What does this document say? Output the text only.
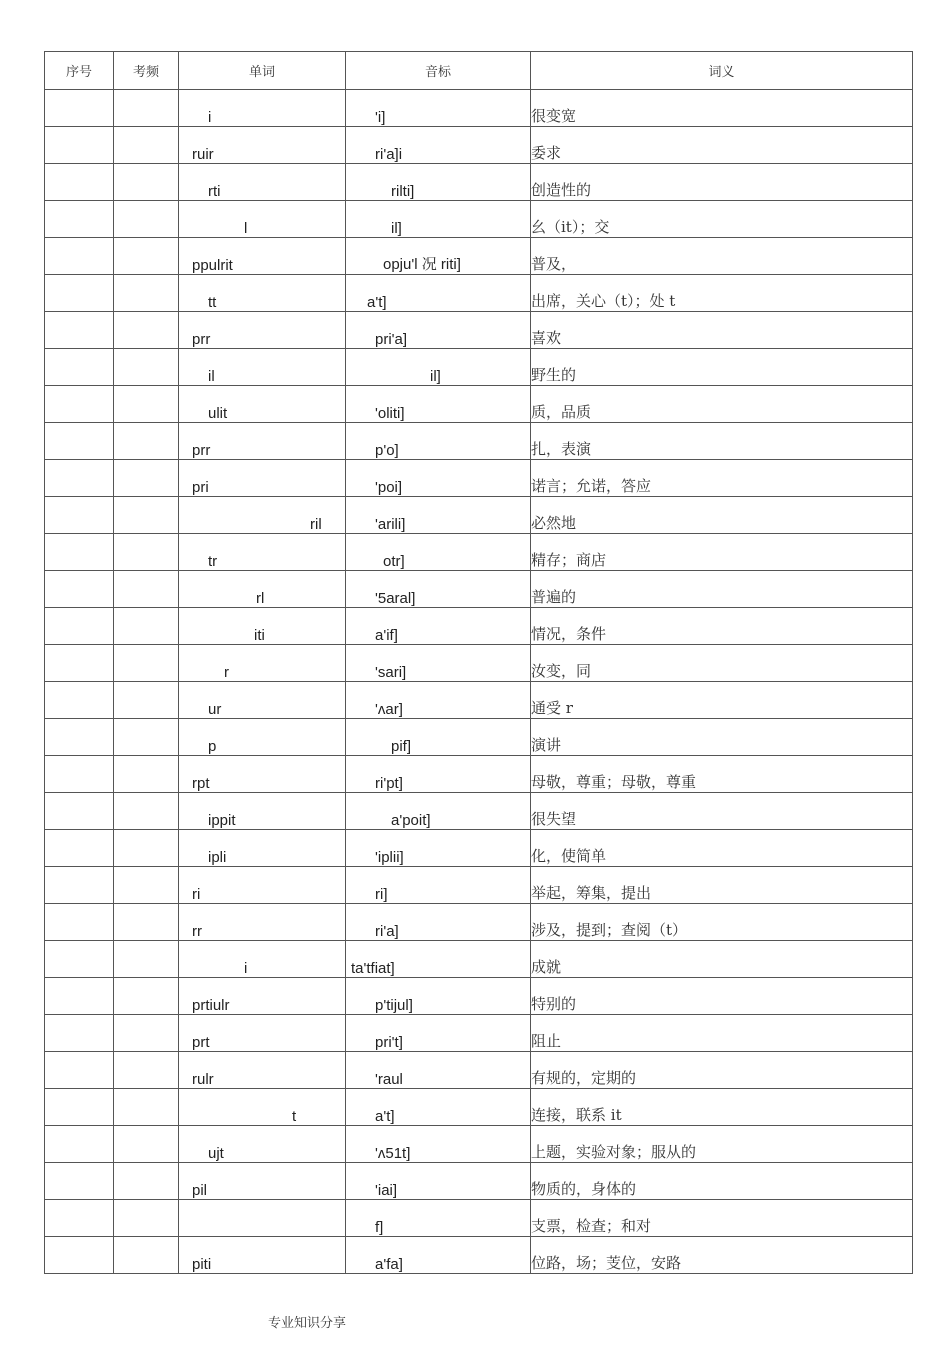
序号	考频	单词	音标	词义
		i	'i]	很变宽
		ruir	ri'a]i	委求
		rti	rilti]	创造性的
		l	il]	幺（it）；交
		ppulrit	opju'l 况 riti]	普及，
		tt	a't]	出席，关心（t）；处 t
		prr	pri'a]	喜欢
		il	il]	野生的
		ulit	'oliti]	质，品质
		prr	p'o]	扎，表演
		pri	'poi]	诺言；允诺，答应
		ril	'arili]	必然地
		tr	otr]	精存；商店
		rl	'5aral]	普遍的
		iti	a'if]	情况，条件
		r	'sari]	汝变，同
		ur	'ʌar]	通受 r
		p	pif]	演讲
		rpt	ri'pt]	母敬，尊重；母敬，尊重
		ippit	a'poit]	很失望
		ipli	'iplii]	化，使简单
		ri	ri]	举起，筹集，提出
		rr	ri'a]	涉及，提到；查阅（t）
		i	ta'tfiat]	成就
		prtiulr	p'tijul]	特别的
		prt	pri't]	阻止
		rulr	'raul	有规的，定期的
		t	a't]	连接，联系 it
		ujt	'ʌ51t]	上题，实验对象；服从的
		pil	'iai]	物质的，身体的
			f]	支票，检查；和对
		piti	a'fa]	位路，场；芰位，安路
专业知识分享
